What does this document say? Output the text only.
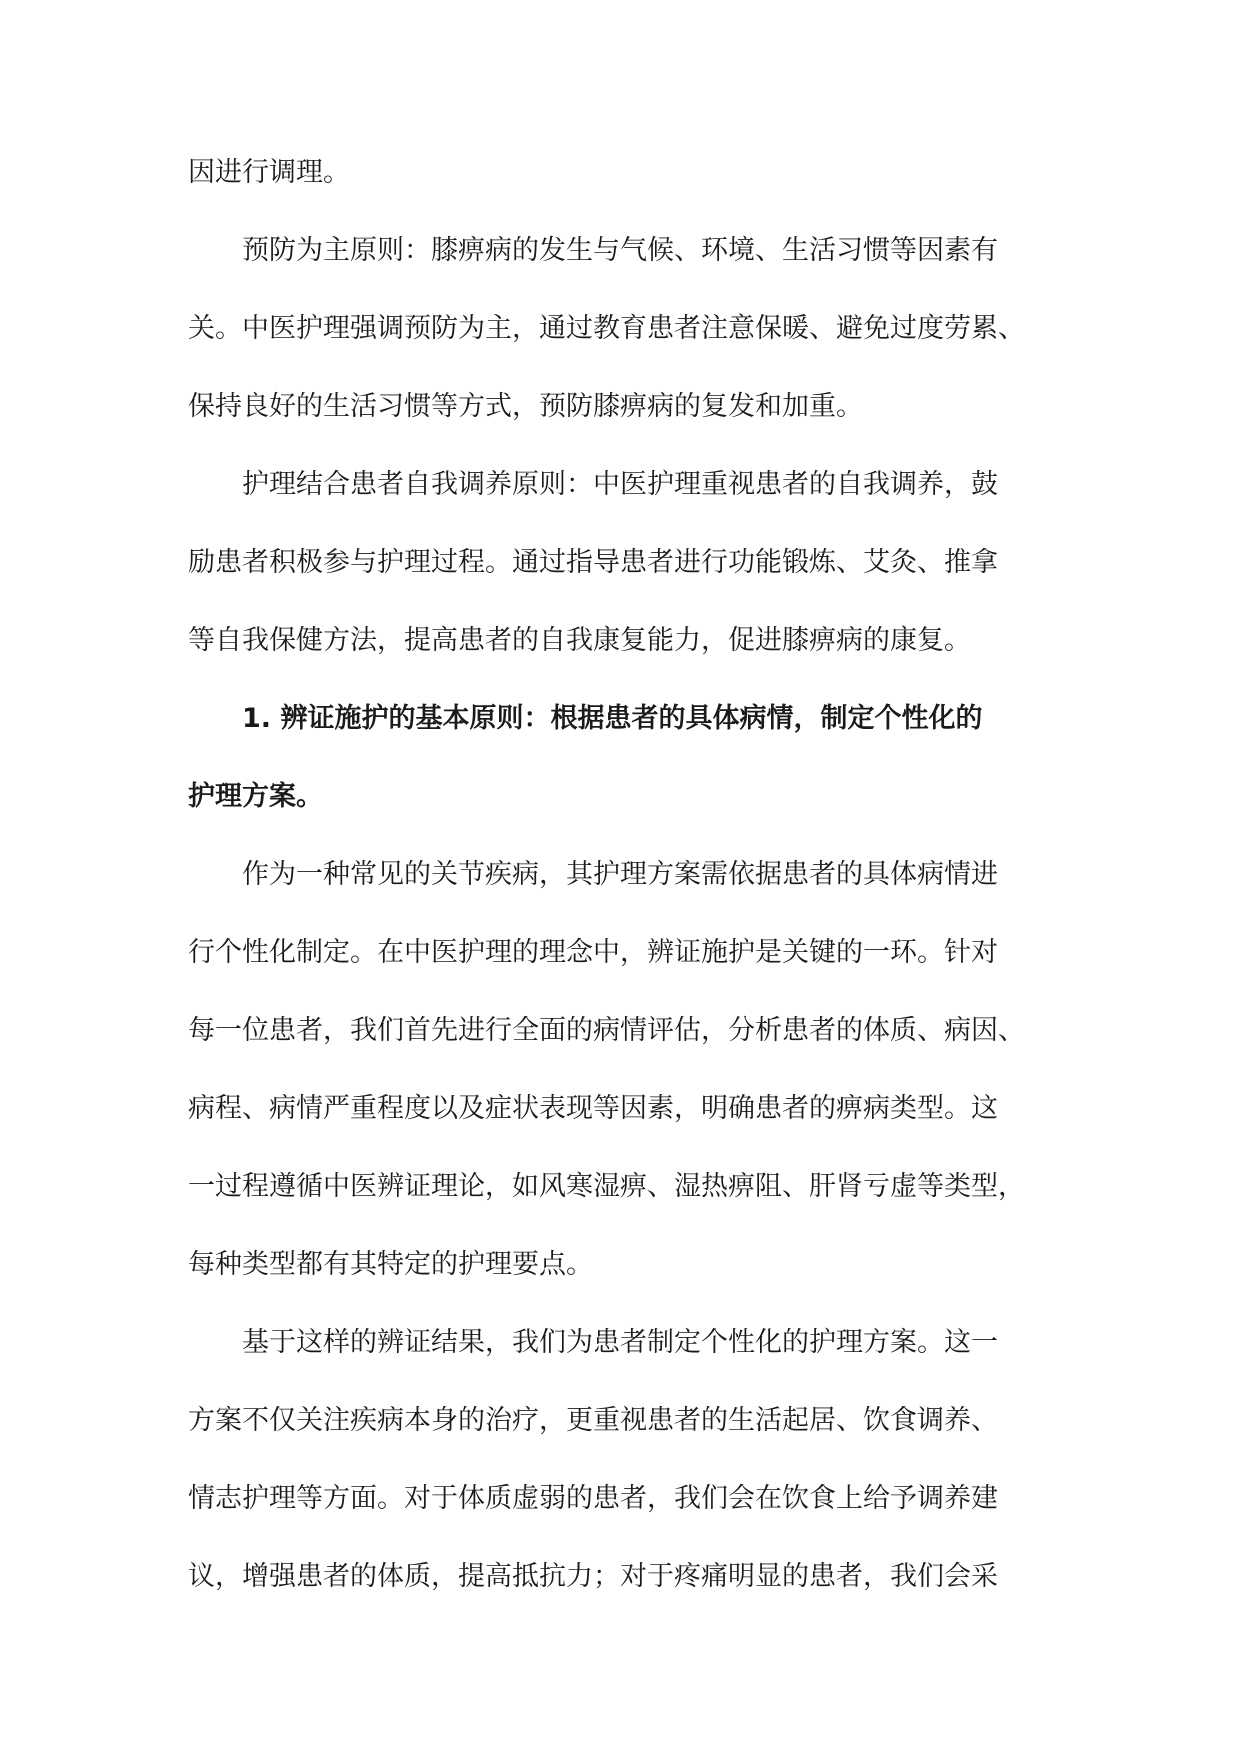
因进行调理。
预防为主原则：膝痹病的发生与气候、环境、生活习惯等因素有
关。中医护理强调预防为主，通过教育患者注意保暖、避免过度劳累、
保持良好的生活习惯等方式，预防膝痹病的复发和加重。
护理结合患者自我调养原则：中医护理重视患者的自我调养，鼓
励患者积极参与护理过程。通过指导患者进行功能锻炼、艾灸、推拿
等自我保健方法，提高患者的自我康复能力，促进膝痹病的康复。
1. 辨证施护的基本原则：根据患者的具体病情，制定个性化的
护理方案。
作为一种常见的关节疾病，其护理方案需依据患者的具体病情进
行个性化制定。在中医护理的理念中，辨证施护是关键的一环。针对
每一位患者，我们首先进行全面的病情评估，分析患者的体质、病因、
病程、病情严重程度以及症状表现等因素，明确患者的痹病类型。这
一过程遵循中医辨证理论，如风寒湿痹、湿热痹阻、肝肾亏虚等类型，
每种类型都有其特定的护理要点。
基于这样的辨证结果，我们为患者制定个性化的护理方案。这一
方案不仅关注疾病本身的治疗，更重视患者的生活起居、饮食调养、
情志护理等方面。对于体质虚弱的患者，我们会在饮食上给予调养建
议，增强患者的体质，提高抵抗力；对于疼痛明显的患者，我们会采
